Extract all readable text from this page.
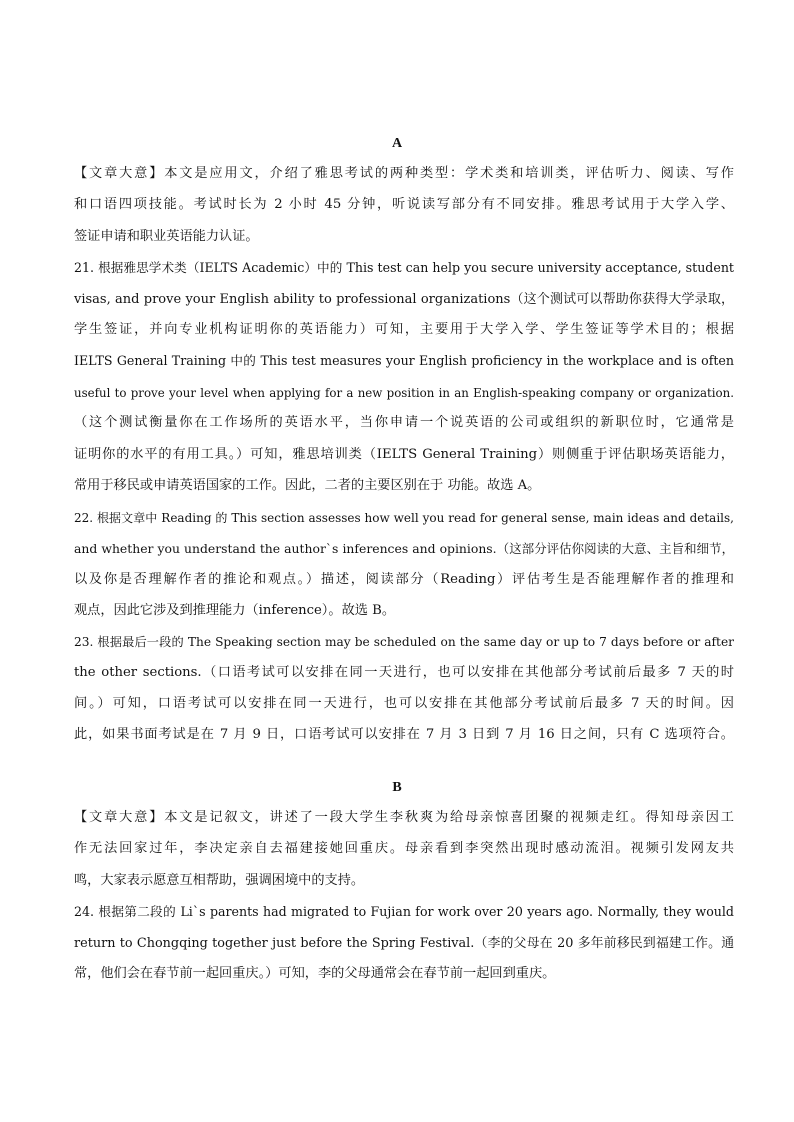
A
【文章大意】本文是应用文，介绍了雅思考试的两种类型：学术类和培训类，评估听力、阅读、写作
和口语四项技能。考试时长为 2 小时 45 分钟，听说读写部分有不同安排。雅思考试用于大学入学、
签证申请和职业英语能力认证。
21. 根据雅思学术类（IELTS Academic）中的 This test can help you secure university acceptance, student
visas, and prove your English ability to professional organizations（这个测试可以帮助你获得大学录取，
学生签证，并向专业机构证明你的英语能力）可知，主要用于大学入学、学生签证等学术目的；根据
IELTS General Training 中的 This test measures your English proficiency in the workplace and is often
useful to prove your level when applying for a new position in an English-speaking company or organization.
（这个测试衡量你在工作场所的英语水平，当你申请一个说英语的公司或组织的新职位时，它通常是
证明你的水平的有用工具。）可知，雅思培训类（IELTS General Training）则侧重于评估职场英语能力，
常用于移民或申请英语国家的工作。因此，二者的主要区别在于 功能。故选 A。
22. 根据文章中 Reading 的 This section assesses how well you read for general sense, main ideas and details,
and whether you understand the author`s inferences and opinions.（这部分评估你阅读的大意、主旨和细节，
以及你是否理解作者的推论和观点。）描述，阅读部分（Reading）评估考生是否能理解作者的推理和
观点，因此它涉及到推理能力（inference）。故选 B。
23. 根据最后一段的 The Speaking section may be scheduled on the same day or up to 7 days before or after
the other sections.（口语考试可以安排在同一天进行，也可以安排在其他部分考试前后最多 7 天的时
间。）可知，口语考试可以安排在同一天进行，也可以安排在其他部分考试前后最多 7 天的时间。因
此，如果书面考试是在 7 月 9 日，口语考试可以安排在 7 月 3 日到 7 月 16 日之间，只有 C 选项符合。
B
【文章大意】本文是记叙文，讲述了一段大学生李秋爽为给母亲惊喜团聚的视频走红。得知母亲因工
作无法回家过年，李决定亲自去福建接她回重庆。母亲看到李突然出现时感动流泪。视频引发网友共
鸣，大家表示愿意互相帮助，强调困境中的支持。
24. 根据第二段的 Li`s parents had migrated to Fujian for work over 20 years ago. Normally, they would
return to Chongqing together just before the Spring Festival.（李的父母在 20 多年前移民到福建工作。通
常，他们会在春节前一起回重庆。）可知，李的父母通常会在春节前一起回到重庆。
